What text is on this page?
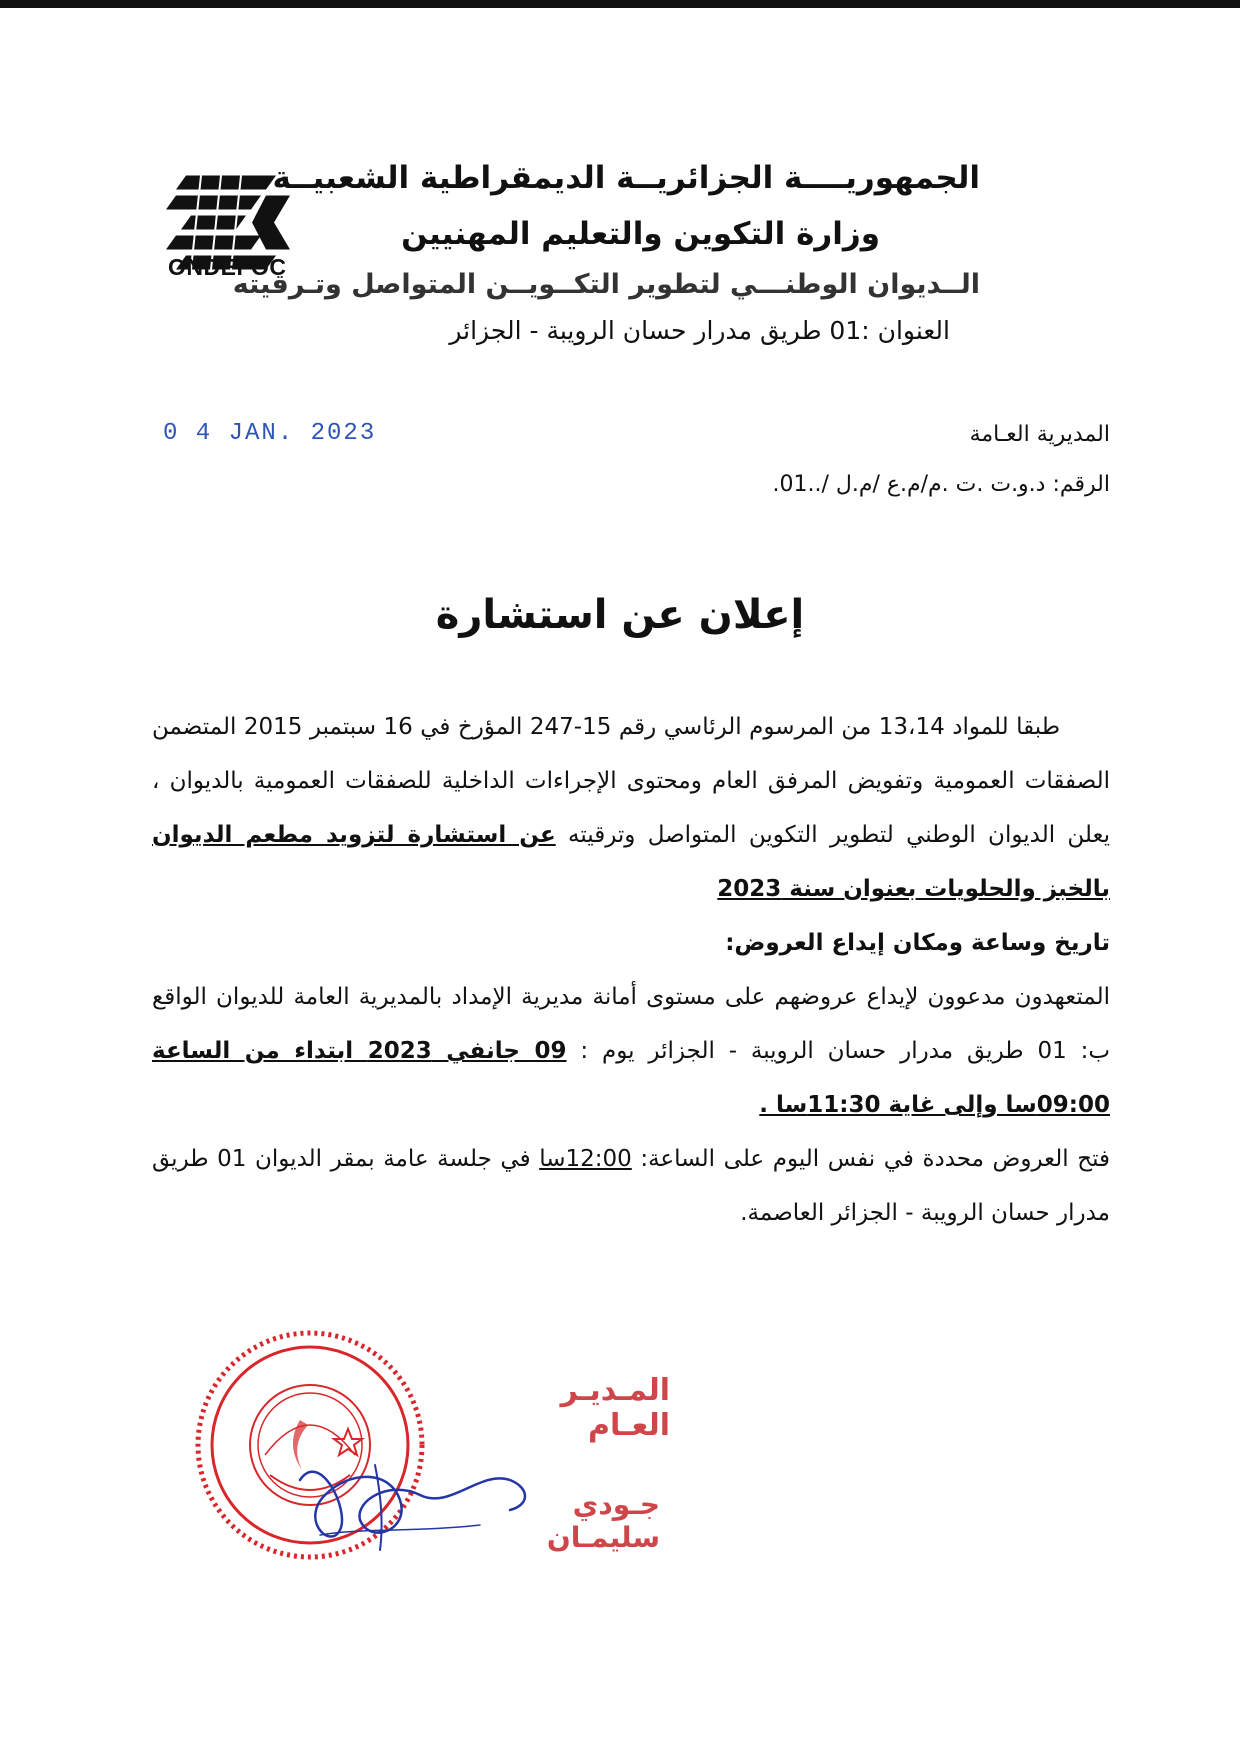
ONDEFOC

الجمهوريــــة الجزائريــة الديمقراطية الشعبيــة

وزارة التكوين والتعليم المهنيين

الــديوان الوطنـــي لتطوير التكــويــن المتواصل وتـرقيته

العنوان :01 طريق مدرار حسان الرويبة - الجزائر

0 4 JAN. 2023	المديرية العـامة

الرقم: د.و.ت .ت .م/م.ع /م.ل /..01.

إعلان عن استشارة

طبقا للمواد 13،14 من المرسوم الرئاسي رقم 15-247 المؤرخ في 16 سبتمبر 2015 المتضمن الصفقات العمومية وتفويض المرفق العام ومحتوى الإجراءات الداخلية للصفقات العمومية بالديوان ، يعلن الديوان الوطني لتطوير التكوين المتواصل وترقيته عن استشارة لتزويد مطعم الديوان بالخبز والحلويات بعنوان سنة 2023

تاريخ وساعة ومكان إيداع العروض:

المتعهدون مدعوون لإيداع عروضهم على مستوى أمانة مديرية الإمداد بالمديرية العامة للديوان الواقع ب: 01 طريق مدرار حسان الرويبة - الجزائر يوم : 09 جانفي 2023 ابتداء من الساعة 09:00سا وإلى غاية 11:30سا .

فتح العروض محددة في نفس اليوم على الساعة: 12:00سا في جلسة عامة بمقر الديوان 01 طريق مدرار حسان الرويبة - الجزائر العاصمة.

المـديـر العـام
جـودي سليمـان
